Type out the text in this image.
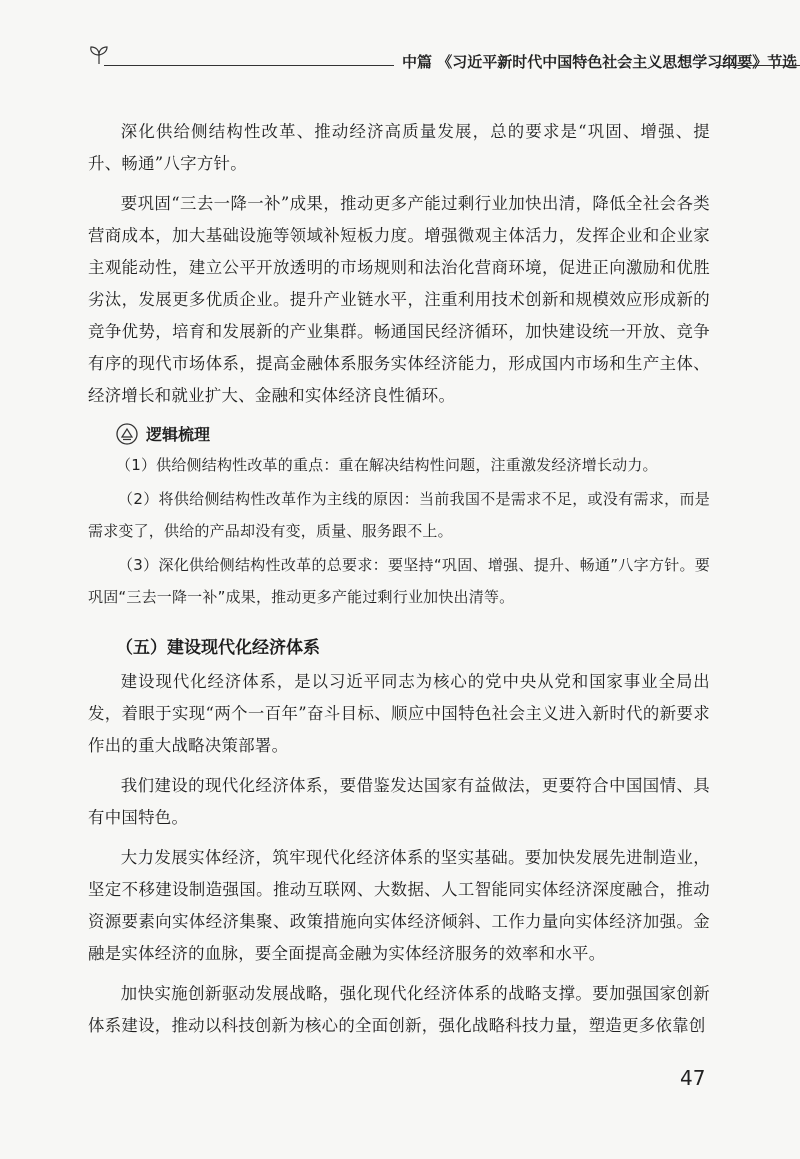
中篇 《习近平新时代中国特色社会主义思想学习纲要》节选

深化供给侧结构性改革、推动经济高质量发展，总的要求是“巩固、增强、提升、畅通”八字方针。

要巩固“三去一降一补”成果，推动更多产能过剩行业加快出清，降低全社会各类营商成本，加大基础设施等领域补短板力度。增强微观主体活力，发挥企业和企业家主观能动性，建立公平开放透明的市场规则和法治化营商环境，促进正向激励和优胜劣汰，发展更多优质企业。提升产业链水平，注重利用技术创新和规模效应形成新的竞争优势，培育和发展新的产业集群。畅通国民经济循环，加快建设统一开放、竞争有序的现代市场体系，提高金融体系服务实体经济能力，形成国内市场和生产主体、经济增长和就业扩大、金融和实体经济良性循环。

逻辑梳理

（1）供给侧结构性改革的重点：重在解决结构性问题，注重激发经济增长动力。

（2）将供给侧结构性改革作为主线的原因：当前我国不是需求不足，或没有需求，而是需求变了，供给的产品却没有变，质量、服务跟不上。

（3）深化供给侧结构性改革的总要求：要坚持“巩固、增强、提升、畅通”八字方针。要巩固“三去一降一补”成果，推动更多产能过剩行业加快出清等。

（五）建设现代化经济体系

建设现代化经济体系，是以习近平同志为核心的党中央从党和国家事业全局出发，着眼于实现“两个一百年”奋斗目标、顺应中国特色社会主义进入新时代的新要求作出的重大战略决策部署。

我们建设的现代化经济体系，要借鉴发达国家有益做法，更要符合中国国情、具有中国特色。

大力发展实体经济，筑牢现代化经济体系的坚实基础。要加快发展先进制造业，坚定不移建设制造强国。推动互联网、大数据、人工智能同实体经济深度融合，推动资源要素向实体经济集聚、政策措施向实体经济倾斜、工作力量向实体经济加强。金融是实体经济的血脉，要全面提高金融为实体经济服务的效率和水平。

加快实施创新驱动发展战略，强化现代化经济体系的战略支撑。要加强国家创新体系建设，推动以科技创新为核心的全面创新，强化战略科技力量，塑造更多依靠创

47
